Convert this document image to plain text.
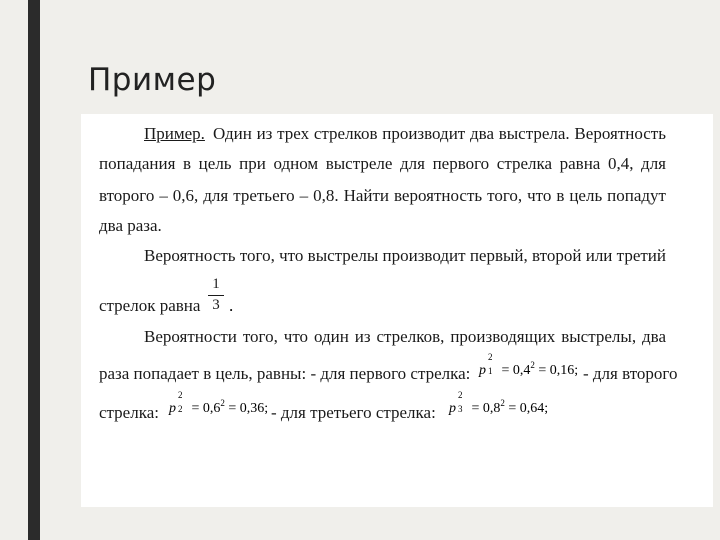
Пример
Пример. Один из трех стрелков производит два выстрела. Вероятность
попадания в цель при одном выстреле для первого стрелка равна 0,4, для
второго – 0,6, для третьего – 0,8. Найти вероятность того, что в цель попадут
два раза.
Вероятность того, что выстрелы производит первый, второй или третий
1
3
стрелок равна	.
Вероятности того, что один из стрелков, производящих выстрелы, два
раза попадает в цель, равны: - для первого стрелка: p
2
$1 = 0,4^2 = 0,16$; - для второго
стрелка: p
2
$2 = 0,6^2 = 0,36$; - для третьего стрелка: p
2
$3 = 0,8^2 = 0,64$;
